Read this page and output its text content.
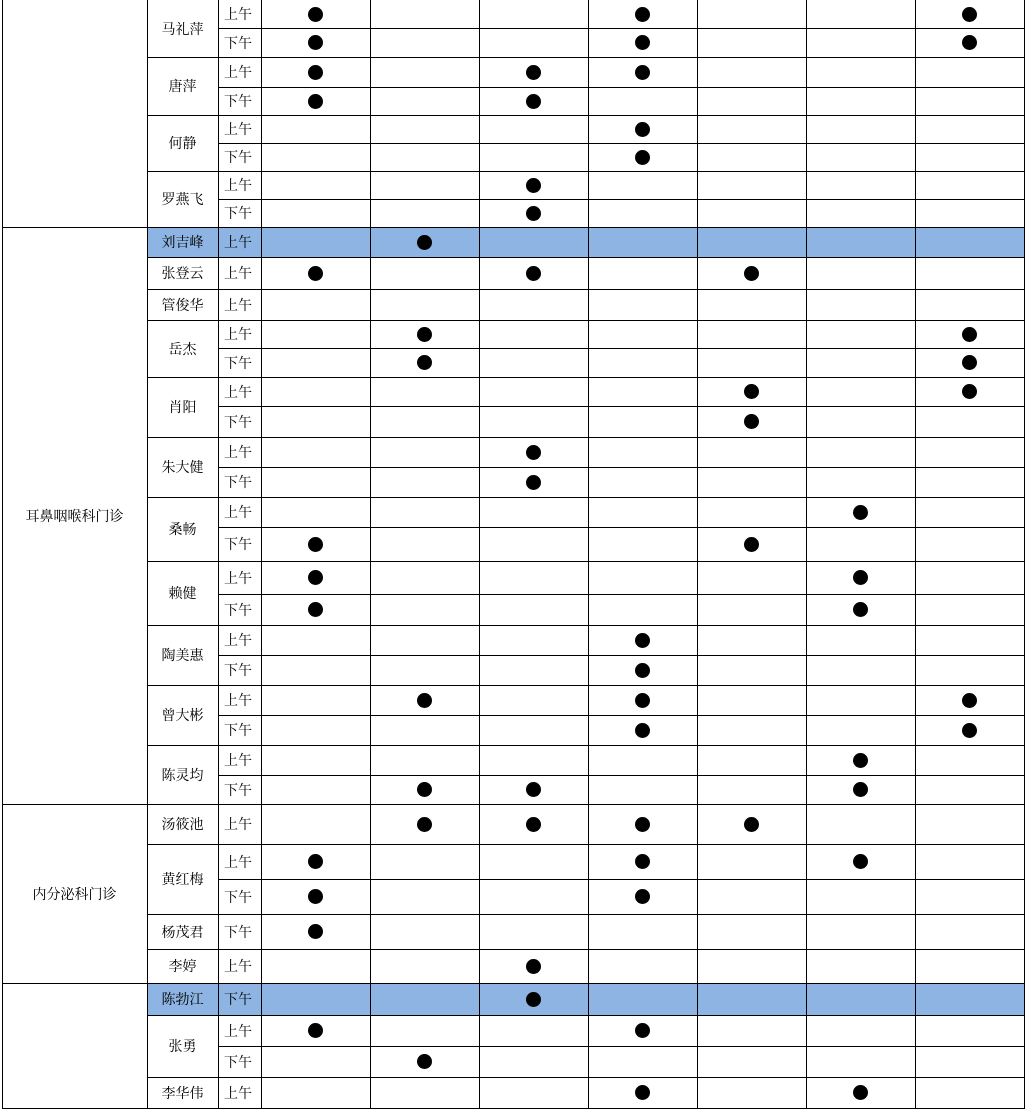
上午
下午
马礼萍
上午
下午
唐萍
上午
下午
何静
上午
下午
罗燕飞
上午
刘吉峰
上午
张登云
上午
管俊华
上午
下午
岳杰
上午
下午
肖阳
上午
下午
朱大健
上午
下午
桑畅
上午
下午
赖健
上午
下午
陶美惠
上午
下午
曾大彬
上午
下午
陈灵均
耳鼻咽喉科门诊
上午
汤筱池
上午
下午
黄红梅
下午
杨茂君
上午
李婷
内分泌科门诊
下午
陈勃江
上午
下午
张勇
上午
李华伟
